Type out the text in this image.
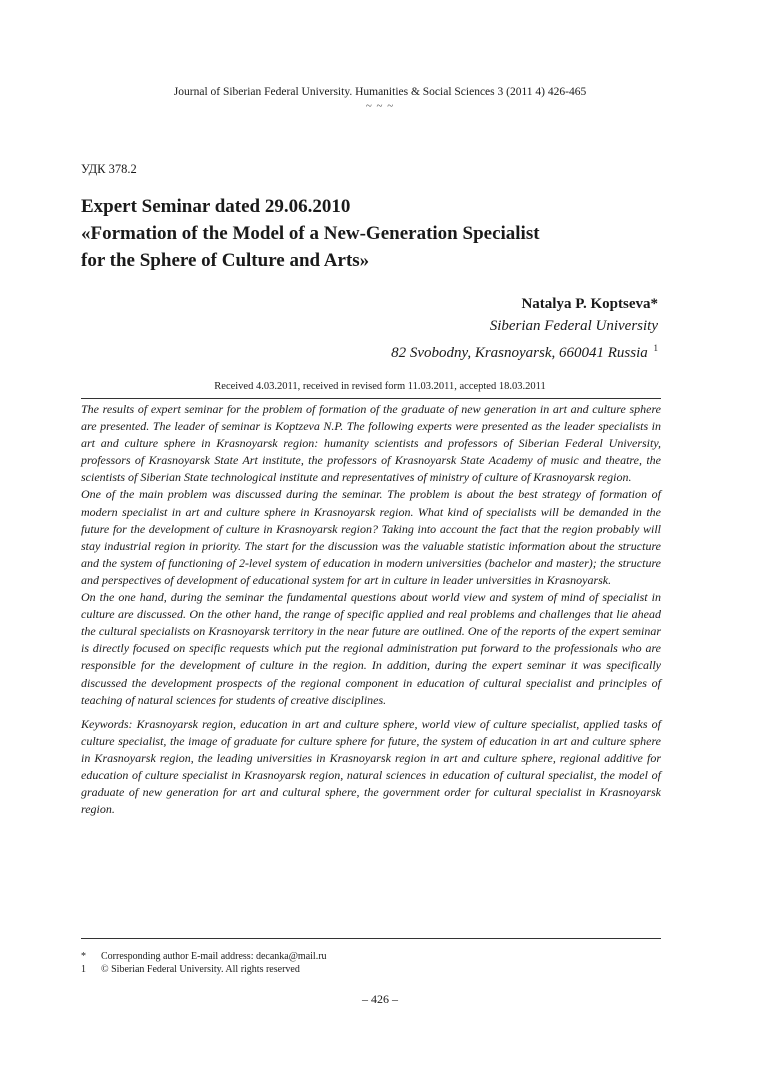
Journal of Siberian Federal University. Humanities & Social Sciences 3 (2011 4) 426-465
~ ~ ~
УДК 378.2
Expert Seminar dated 29.06.2010
«Formation of the Model of a New-Generation Specialist
for the Sphere of Culture and Arts»
Natalya P. Koptseva*
Siberian Federal University
82 Svobodny, Krasnoyarsk, 660041 Russia $^1$
Received 4.03.2011, received in revised form 11.03.2011, accepted 18.03.2011

The results of expert seminar for the problem of formation of the graduate of new generation in art and culture sphere are presented. The leader of seminar is Koptzeva N.P. The following experts were presented as the leader specialists in art and culture sphere in Krasnoyarsk region: humanity scientists and professors of Siberian Federal University, professors of Krasnoyarsk State Art institute, the professors of Krasnoyarsk State Academy of music and theatre, the scientists of Siberian State technological institute and representatives of ministry of culture of Krasnoyarsk region.

One of the main problem was discussed during the seminar. The problem is about the best strategy of formation of modern specialist in art and culture sphere in Krasnoyarsk region. What kind of specialists will be demanded in the future for the development of culture in Krasnoyarsk region? Taking into account the fact that the region probably will stay industrial region in priority. The start for the discussion was the valuable statistic information about the structure and the system of functioning of 2-level system of education in modern universities (bachelor and master); the structure and perspectives of development of educational system for art in culture in leader universities in Krasnoyarsk.

On the one hand, during the seminar the fundamental questions about world view and system of mind of specialist in culture are discussed. On the other hand, the range of specific applied and real problems and challenges that lie ahead the cultural specialists on Krasnoyarsk territory in the near future are outlined. One of the reports of the expert seminar is directly focused on specific requests which put the regional administration put forward to the professionals who are responsible for the development of culture in the region. In addition, during the expert seminar it was specifically discussed the development prospects of the regional component in education of cultural specialist and principles of teaching of natural sciences for students of creative disciplines.

Keywords: Krasnoyarsk region, education in art and culture sphere, world view of culture specialist, applied tasks of culture specialist, the image of graduate for culture sphere for future, the system of education in art and culture sphere in Krasnoyarsk region, the leading universities in Krasnoyarsk region in art and culture sphere, regional additive for education of culture specialist in Krasnoyarsk region, natural sciences in education of cultural specialist, the model of graduate of new generation for art and cultural sphere, the government order for cultural specialist in Krasnoyarsk region.

*	Corresponding author E-mail address: decanka@mail.ru
1	© Siberian Federal University. All rights reserved
– 426 –
